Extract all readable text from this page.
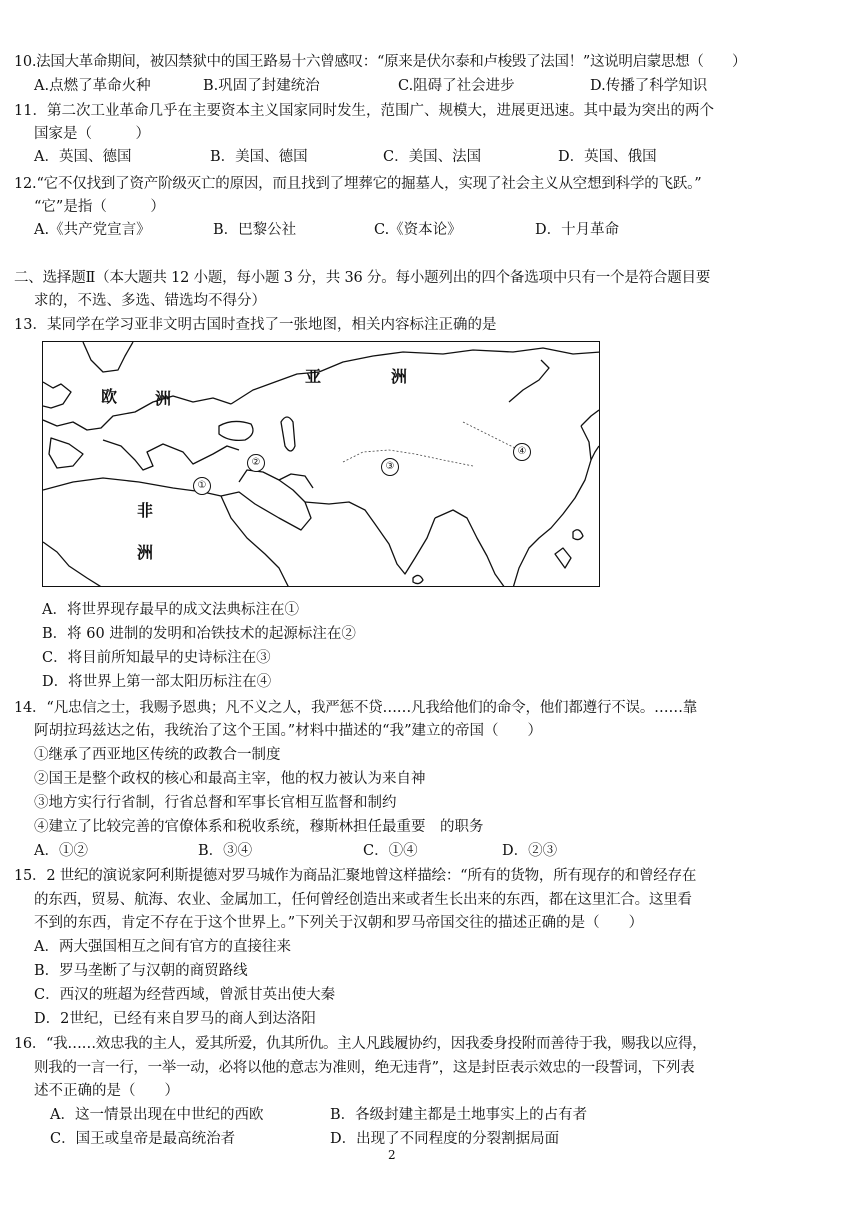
10.法国大革命期间，被囚禁狱中的国王路易十六曾感叹：“原来是伏尔泰和卢梭毁了法国！”这说明启蒙思想（　　）
A.点燃了革命火种	B.巩固了封建统治	C.阻碍了社会进步	D.传播了科学知识
11．第二次工业革命几乎在主要资本主义国家同时发生，范围广、规模大，进展更迅速。其中最为突出的两个
国家是（　　　）
A．英国、德国	B．美国、德国	C．美国、法国	D．英国、俄国
12.“它不仅找到了资产阶级灭亡的原因，而且找到了埋葬它的掘墓人，实现了社会主义从空想到科学的飞跃。”
“它”是指（　　　）
A.《共产党宣言》	B．巴黎公社	C.《资本论》	D．十月革命
二、选择题Ⅱ（本大题共 12 小题，每小题 3 分，共 36 分。每小题列出的四个备选项中只有一个是符合题目要
求的，不选、多选、错选均不得分）
13．某同学在学习亚非文明古国时查找了一张地图，相关内容标注正确的是
欧 洲
亚	洲
非
洲
①
②	③
④
A．将世界现存最早的成文法典标注在①
B．将 60 进制的发明和冶铁技术的起源标注在②
C．将目前所知最早的史诗标注在③
D．将世界上第一部太阳历标注在④
14．“凡忠信之士，我赐予恩典；凡不义之人，我严惩不贷……凡我给他们的命令，他们都遵行不误。……靠
阿胡拉玛兹达之佑，我统治了这个王国。”材料中描述的“我”建立的帝国（　　）
①继承了西亚地区传统的政教合一制度
②国王是整个政权的核心和最高主宰，他的权力被认为来自神
③地方实行行省制，行省总督和军事长官相互监督和制约
④建立了比较完善的官僚体系和税收系统，穆斯林担任最重要　的职务
A．①②	B．③④	C．①④	D．②③
15．2 世纪的演说家阿利斯提德对罗马城作为商品汇聚地曾这样描绘：“所有的货物，所有现存的和曾经存在
的东西，贸易、航海、农业、金属加工，任何曾经创造出来或者生长出来的东西，都在这里汇合。这里看
不到的东西，肯定不存在于这个世界上。”下列关于汉朝和罗马帝国交往的描述正确的是（　　）
A．两大强国相互之间有官方的直接往来
B．罗马垄断了与汉朝的商贸路线
C．西汉的班超为经营西域，曾派甘英出使大秦
D．2世纪，已经有来自罗马的商人到达洛阳
16．“我……效忠我的主人，爱其所爱，仇其所仇。主人凡践履协约，因我委身投附而善待于我，赐我以应得，
则我的一言一行，一举一动，必将以他的意志为准则，绝无违背”，这是封臣表示效忠的一段誓词，下列表
述不正确的是（　　）
A．这一情景出现在中世纪的西欧	B．各级封建主都是土地事实上的占有者
C．国王或皇帝是最高统治者	D．出现了不同程度的分裂割据局面
2
